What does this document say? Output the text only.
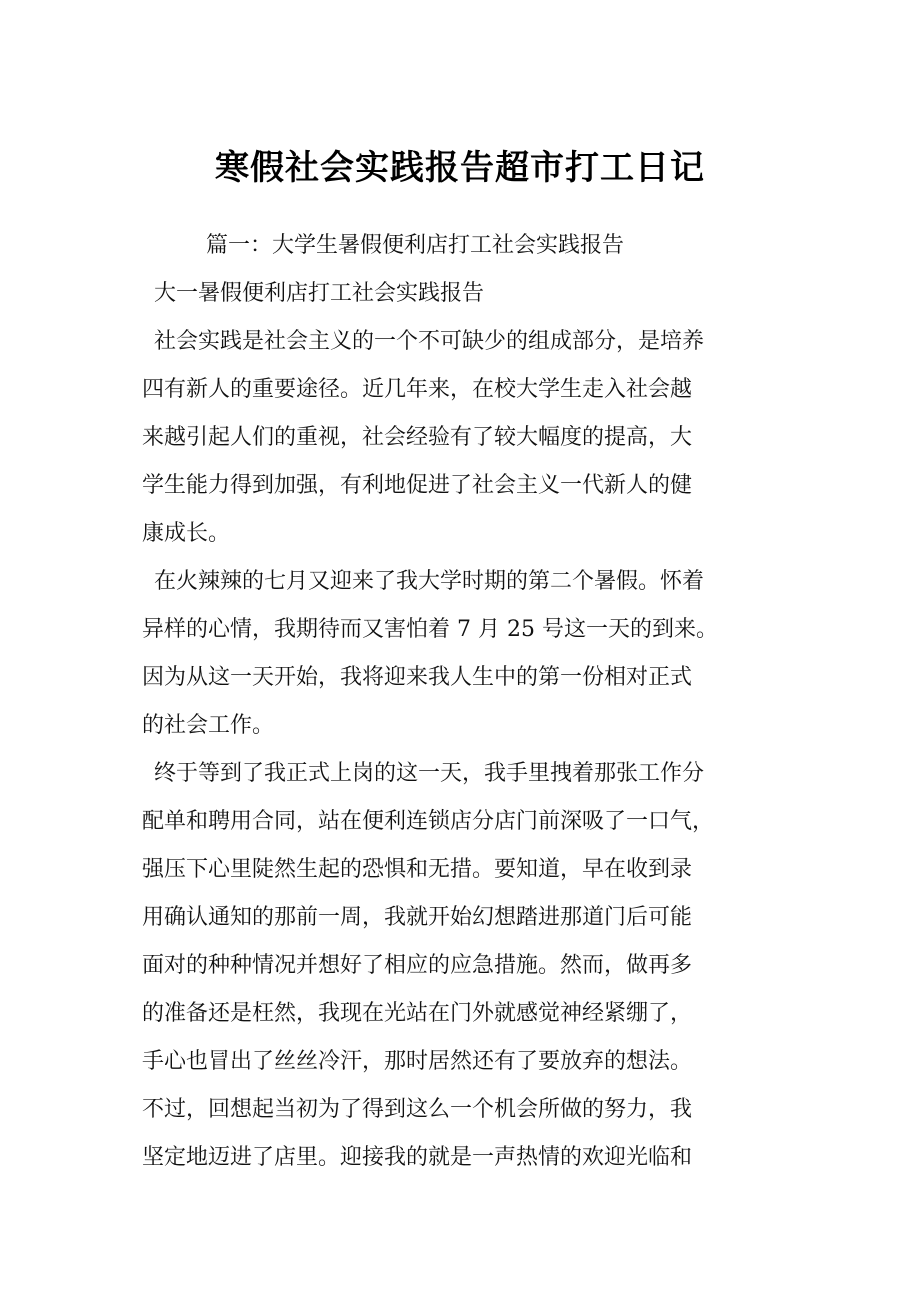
寒假社会实践报告超市打工日记
篇一：大学生暑假便利店打工社会实践报告
大一暑假便利店打工社会实践报告
社会实践是社会主义的一个不可缺少的组成部分，是培养
四有新人的重要途径。近几年来，在校大学生走入社会越
来越引起人们的重视，社会经验有了较大幅度的提高，大
学生能力得到加强，有利地促进了社会主义一代新人的健
康成长。
在火辣辣的七月又迎来了我大学时期的第二个暑假。怀着
异样的心情，我期待而又害怕着 7 月 25 号这一天的到来。
因为从这一天开始，我将迎来我人生中的第一份相对正式
的社会工作。
终于等到了我正式上岗的这一天，我手里拽着那张工作分
配单和聘用合同，站在便利连锁店分店门前深吸了一口气，
强压下心里陡然生起的恐惧和无措。要知道，早在收到录
用确认通知的那前一周，我就开始幻想踏进那道门后可能
面对的种种情况并想好了相应的应急措施。然而，做再多
的准备还是枉然，我现在光站在门外就感觉神经紧绷了，
手心也冒出了丝丝冷汗，那时居然还有了要放弃的想法。
不过，回想起当初为了得到这么一个机会所做的努力，我
坚定地迈进了店里。迎接我的就是一声热情的欢迎光临和
